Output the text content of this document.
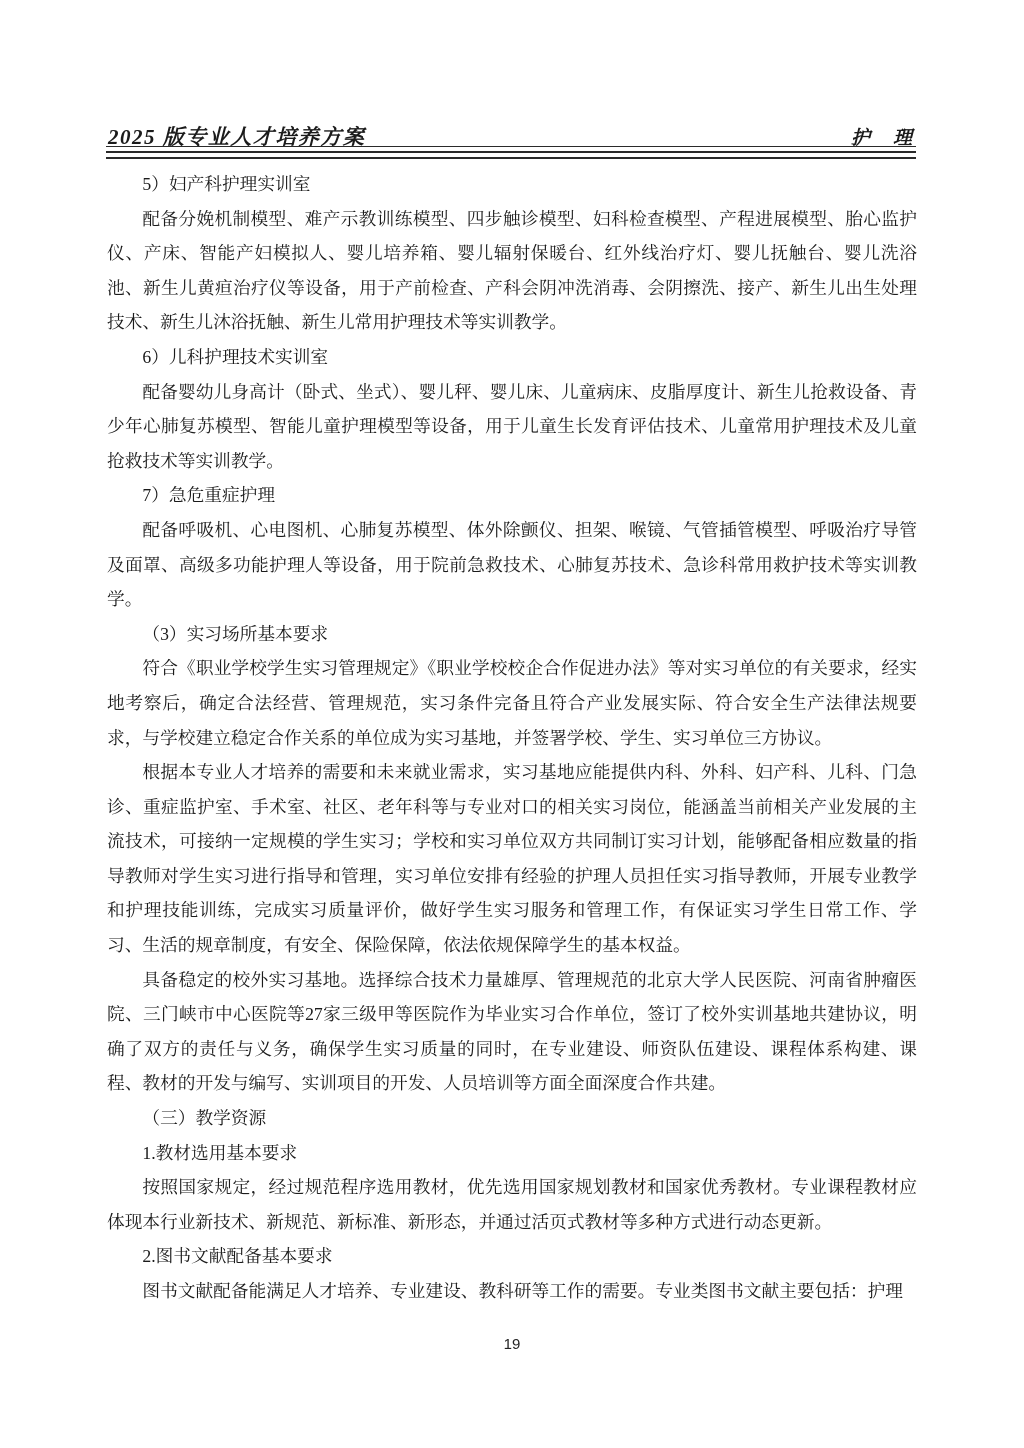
2025 版专业人才培养方案	护　理

5）妇产科护理实训室

配备分娩机制模型、难产示教训练模型、四步触诊模型、妇科检查模型、产程进展模型、胎心监护仪、产床、智能产妇模拟人、婴儿培养箱、婴儿辐射保暖台、红外线治疗灯、婴儿抚触台、婴儿洗浴池、新生儿黄疸治疗仪等设备，用于产前检查、产科会阴冲洗消毒、会阴擦洗、接产、新生儿出生处理技术、新生儿沐浴抚触、新生儿常用护理技术等实训教学。

6）儿科护理技术实训室

配备婴幼儿身高计（卧式、坐式）、婴儿秤、婴儿床、儿童病床、皮脂厚度计、新生儿抢救设备、青少年心肺复苏模型、智能儿童护理模型等设备，用于儿童生长发育评估技术、儿童常用护理技术及儿童抢救技术等实训教学。

7）急危重症护理

配备呼吸机、心电图机、心肺复苏模型、体外除颤仪、担架、喉镜、气管插管模型、呼吸治疗导管及面罩、高级多功能护理人等设备，用于院前急救技术、心肺复苏技术、急诊科常用救护技术等实训教学。

（3）实习场所基本要求

符合《职业学校学生实习管理规定》《职业学校校企合作促进办法》等对实习单位的有关要求，经实地考察后，确定合法经营、管理规范，实习条件完备且符合产业发展实际、符合安全生产法律法规要求，与学校建立稳定合作关系的单位成为实习基地，并签署学校、学生、实习单位三方协议。

根据本专业人才培养的需要和未来就业需求，实习基地应能提供内科、外科、妇产科、儿科、门急诊、重症监护室、手术室、社区、老年科等与专业对口的相关实习岗位，能涵盖当前相关产业发展的主流技术，可接纳一定规模的学生实习；学校和实习单位双方共同制订实习计划，能够配备相应数量的指导教师对学生实习进行指导和管理，实习单位安排有经验的护理人员担任实习指导教师，开展专业教学和护理技能训练，完成实习质量评价，做好学生实习服务和管理工作，有保证实习学生日常工作、学习、生活的规章制度，有安全、保险保障，依法依规保障学生的基本权益。

具备稳定的校外实习基地。选择综合技术力量雄厚、管理规范的北京大学人民医院、河南省肿瘤医院、三门峡市中心医院等27家三级甲等医院作为毕业实习合作单位，签订了校外实训基地共建协议，明确了双方的责任与义务，确保学生实习质量的同时，在专业建设、师资队伍建设、课程体系构建、课程、教材的开发与编写、实训项目的开发、人员培训等方面全面深度合作共建。

（三）教学资源

1.教材选用基本要求

按照国家规定，经过规范程序选用教材，优先选用国家规划教材和国家优秀教材。专业课程教材应体现本行业新技术、新规范、新标准、新形态，并通过活页式教材等多种方式进行动态更新。

2.图书文献配备基本要求

图书文献配备能满足人才培养、专业建设、教科研等工作的需要。专业类图书文献主要包括：护理

19
